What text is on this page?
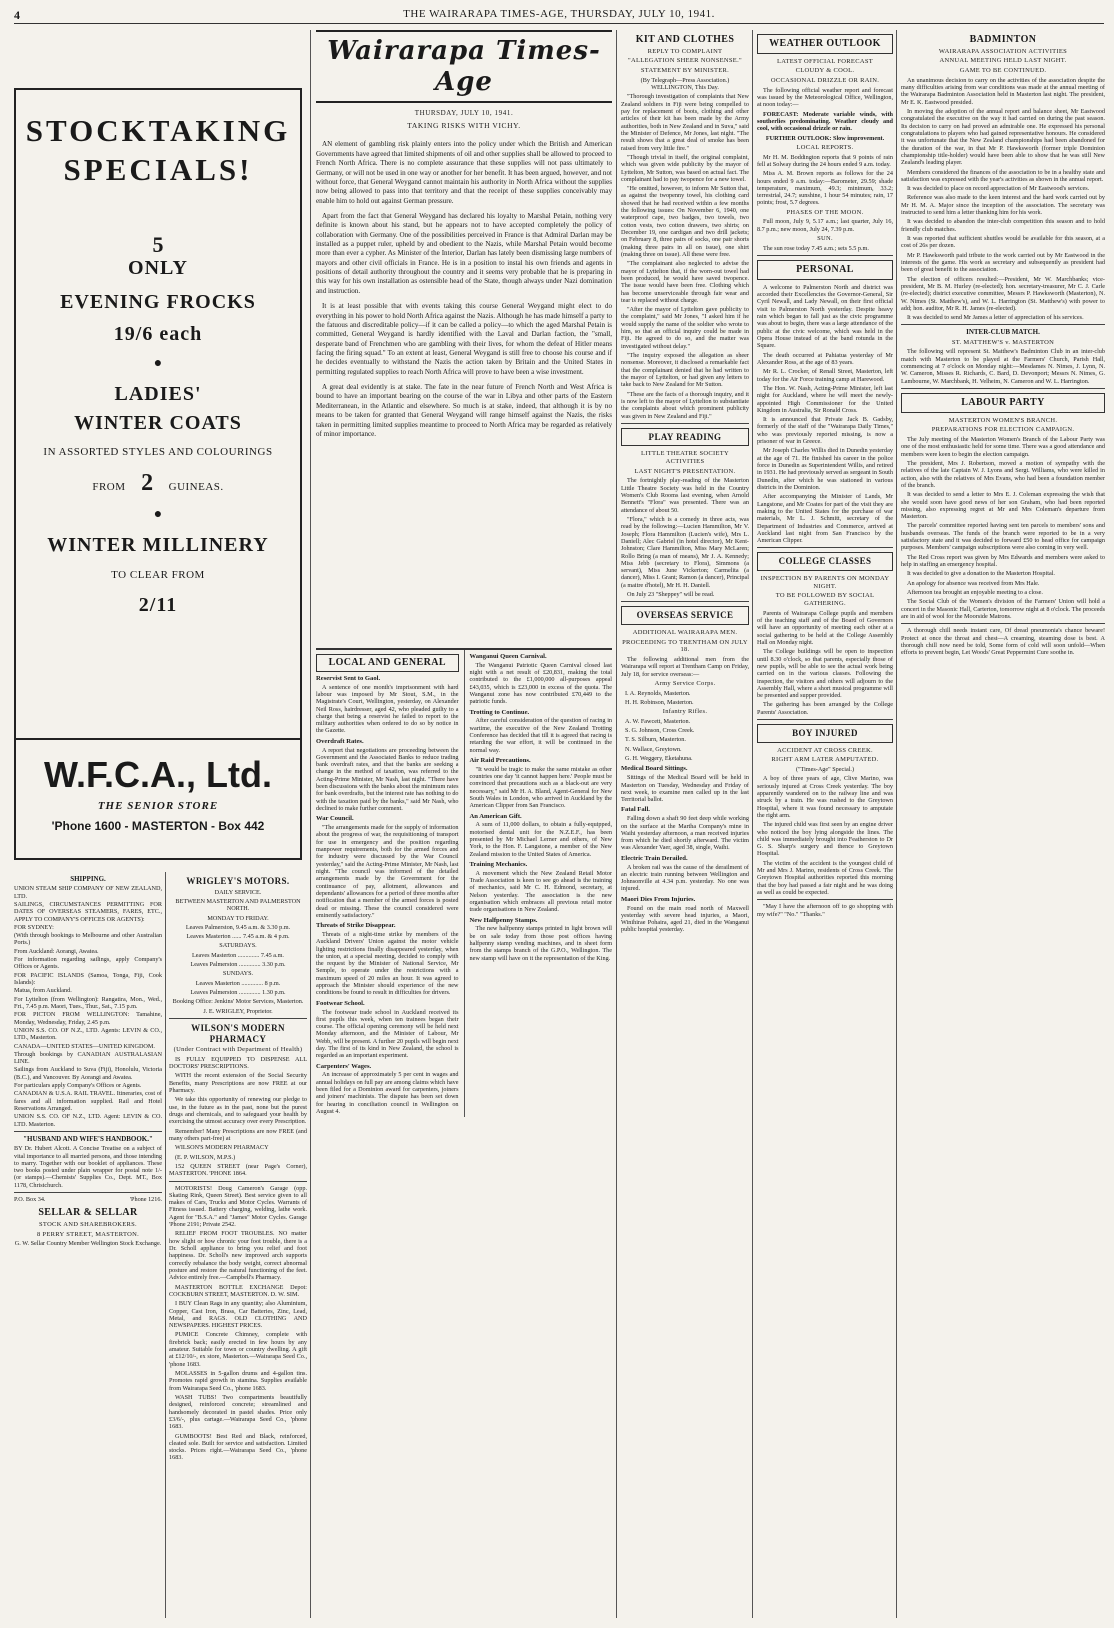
4	THE WAIRARAPA TIMES-AGE, THURSDAY, JULY 10, 1941.
STOCKTAKING SPECIALS!
5
ONLY
EVENING FROCKS
19/6 each
●
LADIES'
WINTER COATS
IN ASSORTED STYLES AND COLOURINGS
FROM 2 GUINEAS.
●
WINTER MILLINERY
TO CLEAR FROM
2/11
W.F.C.A., Ltd.
THE SENIOR STORE
'Phone 1600 - MASTERTON - Box 442
SHIPPING.

UNION STEAM SHIP COMPANY OF NEW ZEALAND, LTD.

SAILINGS, CIRCUMSTANCES PERMITTING FOR DATES OF OVERSEAS STEAMERS, FARES, ETC., APPLY TO COMPANY'S OFFICES OR AGENTS):

FOR SYDNEY:

(With through bookings to Melbourne and other Australian Ports.)

From Auckland: Aorangi, Awatea.

For information regarding sailings, apply Company's Offices or Agents.

FOR PACIFIC ISLANDS (Samoa, Tonga, Fiji, Cook Islands):

Matua, from Auckland.

For Lyttelton (from Wellington): Rangatira, Mon., Wed., Fri., 7.45 p.m. Maori, Tues., Thur., Sat., 7.15 p.m.

FOR PICTON FROM WELLINGTON: Tamahine, Monday, Wednesday, Friday, 2.45 p.m.

UNION S.S. CO. OF N.Z., LTD. Agents: LEVIN & CO., LTD., Masterton.

CANADA—UNITED STATES—UNITED KINGDOM.

Through bookings by CANADIAN AUSTRALASIAN LINE.

Sailings from Auckland to Suva (Fiji), Honolulu, Victoria (B.C.), and Vancouver. By Aorangi and Awatea.

For particulars apply Company's Offices or Agents.

CANADIAN & U.S.A. RAIL TRAVEL. Itineraries, cost of fares and all information supplied. Rail and Hotel Reservations Arranged.

UNION S.S. CO. OF N.Z., LTD. Agent: LEVIN & CO. LTD. Masterton.

"HUSBAND AND WIFE'S HANDBOOK."

BY Dr. Hubert Alcott. A Concise Treatise on a subject of vital importance to all married persons, and those intending to marry. Together with our booklet of appliances. These two books posted under plain wrapper for postal note 1/- (or stamps).—Chemists' Supplies Co., Dept. MT., Box 1178, Christchurch.

P.O. Box 34.	'Phone 1216.
SELLAR & SELLAR
STOCK AND SHAREBROKERS.
8 PERRY STREET, MASTERTON.

G. W. Sellar Country Member Wellington Stock Exchange.

WRIGLEY'S MOTORS.

DAILY SERVICE.

BETWEEN MASTERTON AND PALMERSTON NORTH.

MONDAY TO FRIDAY.

Leaves Palmerston, 9.45 a.m. & 3.30 p.m.

Leaves Masterton ...... 7.45 a.m. & 4 p.m.

SATURDAYS.

Leaves Masterton .............. 7.45 a.m.

Leaves Palmerston .............. 3.30 p.m.

SUNDAYS.

Leaves Masterton .............. 8 p.m.

Leaves Palmerston .............. 1.30 p.m.

Booking Office: Jenkins' Motor Services, Masterton.

J. E. WRIGLEY, Proprietor.

WILSON'S MODERN PHARMACY
(Under Contract with Department of Health)

IS FULLY EQUIPPED TO DISPENSE ALL DOCTORS' PRESCRIPTIONS.

WITH the recent extension of the Social Security Benefits, many Prescriptions are now FREE at our Pharmacy.

We take this opportunity of renewing our pledge to use, in the future as in the past, none but the purest drugs and chemicals, and to safeguard your health by exercising the utmost accuracy over every Prescription.

Remember! Many Prescriptions are now FREE (and many others part-free) at

WILSON'S MODERN PHARMACY

(E. P. WILSON, M.P.S.)

152 QUEEN STREET (near Page's Corner), MASTERTON. 'PHONE 1864.

MOTORISTS! Doug Cameron's Garage (opp. Skating Rink, Queen Street). Best service given to all makes of Cars, Trucks and Motor Cycles. Warrants of Fitness issued. Battery charging, welding, lathe work. Agent for "B.S.A." and "James" Motor Cycles. Garage 'Phone 2191; Private 2542.

RELIEF FROM FOOT TROUBLES. NO matter how slight or how chronic your foot trouble, there is a Dr. Scholl appliance to bring you relief and foot happiness. Dr. Scholl's new improved arch supports correctly rebalance the body weight, correct abnormal posture and restore the natural functioning of the feet. Advice entirely free.—Campbell's Pharmacy.

MASTERTON BOTTLE EXCHANGE Depot: COCKBURN STREET, MASTERTON. D. W. SIM.

I BUY Clean Rags in any quantity; also Aluminium, Copper, Cast Iron, Brass, Car Batteries, Zinc, Lead, Metal, and RAGS. OLD CLOTHING AND NEWSPAPERS. HIGHEST PRICES.

PUMICE Concrete Chimney, complete with firebrick back; easily erected in few hours by any amateur. Suitable for town or country dwelling. A gift at £12/10/-, ex store, Masterton.—Wairarapa Seed Co., 'phone 1683.

MOLASSES in 5-gallon drums and 4-gallon tins. Promotes rapid growth in stamina. Supplies available from Wairarapa Seed Co., 'phone 1683.

WASH TUBS! Two compartments beautifully designed, reinforced concrete; streamlined and handsomely decorated in pastel shades. Price only £3/6/-, plus cartage.—Wairarapa Seed Co., 'phone 1683.

GUMBOOTS! Best Red and Black, reinforced, cleated sole. Built for service and satisfaction. Limited stocks. Prices right.—Wairarapa Seed Co., 'phone 1683.

Wairarapa Times-Age
THURSDAY, JULY 10, 1941.
TAKING RISKS WITH VICHY.

AN element of gambling risk plainly enters into the policy under which the British and American Governments have agreed that limited shipments of oil and other supplies shall be allowed to proceed to French North Africa. There is no complete assurance that these supplies will not pass ultimately to Germany, or will not be used in one way or another for her benefit. It has been argued, however, and not without force, that General Weygand cannot maintain his authority in North Africa without the supplies now being allowed to pass into that territory and that the receipt of these supplies conceivably may enable him to hold out against German pressure.

Apart from the fact that General Weygand has declared his loyalty to Marshal Petain, nothing very definite is known about his stand, but he appears not to have accepted completely the policy of collaboration with Germany. One of the possibilities perceived in France is that Admiral Darlan may be installed as a puppet ruler, upheld by and obedient to the Nazis, while Marshal Petain would become more than ever a cypher. As Minister of the Interior, Darlan has lately been dismissing large numbers of mayors and other civil officials in France. He is in a position to instal his own friends and agents in positions of detail authority throughout the country and it seems very probable that he is preparing in this way for his own installation as ostensible head of the State, though always under Nazi domination and instruction.

It is at least possible that with events taking this course General Weygand might elect to do everything in his power to hold North Africa against the Nazis. Although he has made himself a party to the fatuous and discreditable policy—if it can be called a policy—to which the aged Marshal Petain is committed, General Weygand is hardly identified with the Laval and Darlan faction, the "small, desperate band of Frenchmen who are gambling with their lives, for whom the defeat of Hitler means facing the firing squad." To an extent at least, General Weygand is still free to choose his course and if he decides eventually to withstand the Nazis the action taken by Britain and the United States in permitting regulated supplies to reach North Africa will prove to have been a wise investment.

A great deal evidently is at stake. The fate in the near future of French North and West Africa is bound to have an important bearing on the course of the war in Libya and other parts of the Eastern Mediterranean, in the Atlantic and elsewhere. So much is at stake, indeed, that although it is by no means to be taken for granted that General Weygand will range himself against the Nazis, the risks taken in permitting limited supplies meantime to proceed to North Africa may be regarded as relatively of minor importance.

LOCAL AND GENERAL
Reservist Sent to Gaol.

A sentence of one month's imprisonment with hard labour was imposed by Mr Stout, S.M., in the Magistrate's Court, Wellington, yesterday, on Alexander Neil Ross, hairdresser, aged 42, who pleaded guilty to a charge that being a reservist he failed to report to the military authorities when ordered to do so by notice in the Gazette.

Overdraft Rates.

A report that negotiations are proceeding between the Government and the Associated Banks to reduce trading bank overdraft rates, and that the banks are seeking a change in the method of taxation, was referred to the Acting-Prime Minister, Mr Nash, last night. "There have been discussions with the banks about the minimum rates for bank overdrafts, but the interest rate has nothing to do with the taxation paid by the banks," said Mr Nash, who declined to make further comment.

War Council.

"The arrangements made for the supply of information about the progress of war, the requisitioning of transport for use in emergency and the position regarding manpower requirements, both for the armed forces and for industry were discussed by the War Council yesterday," said the Acting-Prime Minister, Mr Nash, last night. "The council was informed of the detailed arrangements made by the Government for the continuance of pay, allotment, allowances and dependants' allowances for a period of three months after notification that a member of the armed forces is posted dead or missing. These the council considered were eminently satisfactory."

Threats of Strike Disappear.

Threats of a night-time strike by members of the Auckland Drivers' Union against the motor vehicle lighting restrictions finally disappeared yesterday, when the union, at a special meeting, decided to comply with the request by the Minister of National Service, Mr Semple, to operate under the restrictions with a maximum speed of 20 miles an hour. It was agreed to approach the Minister should experience of the new conditions be found to result in difficulties for drivers.

Footwear School.

The footwear trade school in Auckland received its first pupils this week, when ten trainees began their course. The official opening ceremony will be held next Monday afternoon, and the Minister of Labour, Mr Webb, will be present. A further 20 pupils will begin next day. The first of its kind in New Zealand, the school is regarded as an important experiment.

Carpenters' Wages.

An increase of approximately 5 per cent in wages and annual holidays on full pay are among claims which have been filed for a Dominion award for carpenters, joiners and joiners' machinists. The dispute has been set down for hearing in conciliation council in Wellington on August 4.

Wanganui Queen Carnival.

The Wanganui Patriotic Queen Carnival closed last night with a net result of £20,831, making the total contributed to the £1,000,000 all-purposes appeal £43,035, which is £23,000 in excess of the quota. The Wanganui zone has now contributed £70,449 to the patriotic funds.

Trotting to Continue.

After careful consideration of the question of racing in wartime, the executive of the New Zealand Trotting Conference has decided that till it is agreed that racing is retarding the war effort, it will be continued in the normal way.

Air Raid Precautions.

"It would be tragic to make the same mistake as other countries one day 'it cannot happen here.' People must be convinced that precautions such as a black-out are very necessary," said Mr H. A. Bland, Agent-General for New South Wales in London, who arrived in Auckland by the American Clipper from San Francisco.

An American Gift.

A sum of 11,000 dollars, to obtain a fully-equipped, motorised dental unit for the N.Z.E.F., has been presented by Mr Michael Lerner and others, of New York, to the Hon. F. Langstone, a member of the New Zealand mission to the United States of America.

Training Mechanics.

A movement which the New Zealand Retail Motor Trade Association is keen to see go ahead is the training of mechanics, said Mr C. H. Edmond, secretary, at Nelson yesterday. The association is the new organisation which embraces all previous retail motor trade organisations in New Zealand.

New Halfpenny Stamps.

The new halfpenny stamps printed in light brown will be on sale today from those post offices having halfpenny stamp vending machines, and in sheet form from the stamps branch of the G.P.O., Wellington. The new stamp will have on it the representation of the King.

KIT AND CLOTHES
REPLY TO COMPLAINT
"ALLEGATION SHEER NONSENSE."
STATEMENT BY MINISTER.

(By Telegraph—Press Association.) WELLINGTON, This Day.

"Thorough investigation of complaints that New Zealand soldiers in Fiji were being compelled to pay for replacement of boots, clothing and other articles of their kit has been made by the Army authorities, both in New Zealand and in Suva," said the Minister of Defence, Mr Jones, last night. "The result shows that a great deal of smoke has been raised from very little fire."

"Though trivial in itself, the original complaint, which was given wide publicity by the mayor of Lyttelton, Mr Sutton, was based on actual fact. The complainant had to pay twopence for a new towel.

"He omitted, however, to inform Mr Sutton that, as against the twopenny towel, his clothing card showed that he had received within a few months the following issues: On November 6, 1940, one waterproof cape, two badges, two towels, two cotton vests, two cotton drawers, two shirts; on December 19, one cardigan and two drill jackets; on February 8, three pairs of socks, one pair shorts (making three pairs in all on issue), one shirt (making three on issue). All these were free.

"The complainant also neglected to advise the mayor of Lyttelton that, if the worn-out towel had been produced, he would have saved twopence. The issue would have been free. Clothing which has become unserviceable through fair wear and tear is replaced without charge.

"After the mayor of Lyttelton gave publicity to the complaint," said Mr Jones, "I asked him if he would supply the name of the soldier who wrote to him, so that an official inquiry could be made in Fiji. He agreed to do so, and the matter was investigated without delay."

"The inquiry exposed the allegation as sheer nonsense. Moreover, it disclosed a remarkable fact that the complainant denied that he had written to the mayor of Lyttelton, or had given any letters to take back to New Zealand for Mr Sutton.

"These are the facts of a thorough inquiry, and it is now left to the mayor of Lyttelton to substantiate the complaints about which prominent publicity was given in New Zealand and Fiji."

PLAY READING
LITTLE THEATRE SOCIETY ACTIVITIES
LAST NIGHT'S PRESENTATION.

The fortnightly play-reading of the Masterton Little Theatre Society was held in the Country Women's Club Rooms last evening, when Arnold Bennett's "Flora" was presented. There was an attendance of about 50.

"Flora," which is a comedy in three acts, was read by the following:—Lucien Hammilton, Mr V. Joseph; Flora Hammilton (Lucien's wife), Mrs L. Daniell; Alec Gabriel (in hotel director), Mr Kent-Johnston; Clare Hammilton, Miss Mary McLaren; Rollo Bring (a man of means), Mr J. A. Kennedy; Miss Jebb (secretary to Flora), Simmons (a servant), Miss June Vickerton; Carmelita (a dancer), Miss I. Grant; Ramon (a dancer), Principal (a maitre d'hotel), Mr H. H. Daniell.

On July 23 "Sheppey" will be read.

OVERSEAS SERVICE
ADDITIONAL WAIRARAPA MEN.
PROCEEDING TO TRENTHAM ON JULY 18.

The following additional men from the Wairarapa will report at Trentham Camp on Friday, July 18, for service overseas:—

Army Service Corps.

I. A. Reynolds, Masterton.

H. H. Robinson, Masterton.

Infantry Rifles.

A. W. Fawcett, Masterton.

S. G. Johnson, Cross Creek.

T. S. Silburn, Masterton.

N. Wallace, Greytown.

G. H. Weggery, Eketahuna.

Medical Board Sittings.

Sittings of the Medical Board will be held in Masterton on Tuesday, Wednesday and Friday of next week, to examine men called up in the last Territorial ballot.

Fatal Fall.

Falling down a shaft 90 feet deep while working on the surface at the Martha Company's mine in Waihi yesterday afternoon, a man received injuries from which he died shortly afterward. The victim was Alexander Vaer, aged 38, single, Waihi.

Electric Train Derailed.

A broken rail was the cause of the derailment of an electric train running between Wellington and Johnsonville at 4.34 p.m. yesterday. No one was injured.

Maori Dies From Injuries.

Found on the main road north of Maxwell yesterday with severe head injuries, a Maori, Winihirae Pohaira, aged 21, died in the Wanganui public hospital yesterday.

WEATHER OUTLOOK
LATEST OFFICIAL FORECAST
CLOUDY & COOL.
OCCASIONAL DRIZZLE OR RAIN.

The following official weather report and forecast was issued by the Meteorological Office, Wellington, at noon today:—

FORECAST: Moderate variable winds, with southerlies predominating. Weather cloudy and cool, with occasional drizzle or rain.

FURTHER OUTLOOK: Slow improvement.

LOCAL REPORTS.

Mr H. M. Boddington reports that 9 points of rain fell at Solway during the 24 hours ended 9 a.m. today.

Miss A. M. Brown reports as follows for the 24 hours ended 9 a.m. today:—Barometer, 29.59; shade temperature, maximum, 49.3; minimum, 33.2; terrestrial, 24.7; sunshine, 1 hour 54 minutes; rain, 17 points; frost, 5.7 degrees.

PHASES OF THE MOON.

Full moon, July 9, 5.17 a.m.; last quarter, July 16, 8.7 p.m.; new moon, July 24, 7.39 p.m.

SUN.

The sun rose today 7.45 a.m.; sets 5.5 p.m.

PERSONAL

A welcome to Palmerston North and district was accorded their Excellencies the Governor-General, Sir Cyril Newall, and Lady Newall, on their first official visit to Palmerston North yesterday. Despite heavy rain which began to fall just as the civic programme was about to begin, there was a large attendance of the public at the civic welcome, which was held in the Opera House instead of at the band rotunda in the Square.

The death occurred at Pahiatua yesterday of Mr Alexander Ross, at the age of 83 years.

Mr R. L. Crocker, of Renall Street, Masterton, left today for the Air Force training camp at Harewood.

The Hon. W. Nash, Acting-Prime Minister, left last night for Auckland, where he will meet the newly-appointed High Commissioner for the United Kingdom in Australia, Sir Ronald Cross.

It is announced that Private Jack B. Gadsby, formerly of the staff of the "Wairarapa Daily Times," who was previously reported missing, is now a prisoner of war in Greece.

Mr Joseph Charles Willis died in Dunedin yesterday at the age of 71. He finished his career in the police force in Dunedin as Superintendent Willis, and retired in 1931. He had previously served as sergeant in South Dunedin, after which he was stationed in various districts in the Dominion.

After accompanying the Minister of Lands, Mr Langstone, and Mr Coates for part of the visit they are making to the United States for the purchase of war materials, Mr L. J. Schmitt, secretary of the Department of Industries and Commerce, arrived at Auckland last night from San Francisco by the American Clipper.

COLLEGE CLASSES
INSPECTION BY PARENTS ON MONDAY NIGHT.
TO BE FOLLOWED BY SOCIAL GATHERING.

Parents of Wairarapa College pupils and members of the teaching staff and of the Board of Governors will have an opportunity of meeting each other at a social gathering to be held at the College Assembly Hall on Monday night.

The College buildings will be open to inspection until 8.30 o'clock, so that parents, especially those of new pupils, will be able to see the actual work being carried on in the various classes. Following the inspection, the visitors and others will adjourn to the Assembly Hall, where a short musical programme will be presented and supper provided.

The gathering has been arranged by the College Parents' Association.

BOY INJURED
ACCIDENT AT CROSS CREEK.
RIGHT ARM LATER AMPUTATED.

("Times-Age" Special.)

A boy of three years of age, Clive Marino, was seriously injured at Cross Creek yesterday. The boy apparently wandered on to the railway line and was struck by a train. He was rushed to the Greytown Hospital, where it was found necessary to amputate the right arm.

The injured child was first seen by an engine driver who noticed the boy lying alongside the lines. The child was immediately brought into Featherston to Dr G. S. Sharp's surgery and thence to Greytown Hospital.

The victim of the accident is the youngest child of Mr and Mrs J. Marino, residents of Cross Creek. The Greytown Hospital authorities reported this morning that the boy had passed a fair night and he was doing as well as could be expected.

"May I have the afternoon off to go shopping with my wife?" "No." "Thanks."

BADMINTON
WAIRARAPA ASSOCIATION ACTIVITIES
ANNUAL MEETING HELD LAST NIGHT.
GAME TO BE CONTINUED.

An unanimous decision to carry on the activities of the association despite the many difficulties arising from war conditions was made at the annual meeting of the Wairarapa Badminton Association held in Masterton last night. The president, Mr E. K. Eastwood presided.

In moving the adoption of the annual report and balance sheet, Mr Eastwood congratulated the executive on the way it had carried on during the past season. Its decision to carry on had proved an admirable one. He expressed his personal congratulations to players who had gained representative honours. He considered it was unfortunate that the New Zealand championships had been abandoned for the duration of the war, in that Mr P. Hawksworth (former triple Dominion championship title-holder) would have been able to show that he was still New Zealand's leading player.

Members considered the finances of the association to be in a healthy state and satisfaction was expressed with the year's activities as shown in the annual report.

It was decided to place on record appreciation of Mr Eastwood's services.

Reference was also made to the keen interest and the hard work carried out by Mr H. M. A. Major since the inception of the association. The secretary was instructed to send him a letter thanking him for his work.

It was decided to abandon the inter-club competition this season and to hold friendly club matches.

It was reported that sufficient shuttles would be available for this season, at a cost of 26s per dozen.

Mr P. Hawksworth paid tribute to the work carried out by Mr Eastwood in the interests of the game. His work as secretary and subsequently as president had been of great benefit to the association.

The election of officers resulted:—President, Mr W. Marchbanks; vice-president, Mr B. M. Hurley (re-elected); hon. secretary-treasurer, Mr C. J. Carle (re-elected); district executive committee, Messrs P. Hawksworth (Masterton), N. W. Nimes (St. Matthew's), and W. L. Harrington (St. Matthew's) with power to add; hon. auditor, Mr R. H. James (re-elected).

It was decided to send Mr James a letter of appreciation of his services.

INTER-CLUB MATCH.
ST. MATTHEW'S v. MASTERTON

The following will represent St. Matthew's Badminton Club in an inter-club match with Masterton to be played at the Farmers' Church, Parish Hall, commencing at 7 o'clock on Monday night:—Mesdames N. Nimes, J. Lynn, N. W. Cameron, Misses R. Richards, C. Bard, D. Devonport; Messrs N. Nimes, G. Lambourne, W. Marchbank, H. Velheim, N. Cameron and W. L. Harrington.

LABOUR PARTY
MASTERTON WOMEN'S BRANCH.
PREPARATIONS FOR ELECTION CAMPAIGN.

The July meeting of the Masterton Women's Branch of the Labour Party was one of the most enthusiastic held for some time. There was a good attendance and members were keen to begin the election campaign.

The president, Mrs J. Robertson, moved a motion of sympathy with the relatives of the late Captain W. J. Lyons and Sergt. Williams, who were killed in action, also with the relatives of Mrs Evans, who had been a foundation member of the branch.

It was decided to send a letter to Mrs E. J. Coleman expressing the wish that she would soon have good news of her son Graham, who had been reported missing, also expressing regret at Mr and Mrs Coleman's departure from Masterton.

The parcels' committee reported having sent ten parcels to members' sons and husbands overseas. The funds of the branch were reported to be in a very satisfactory state and it was decided to forward £50 to head office for campaign purposes. Members' campaign subscriptions were also coming in very well.

The Red Cross report was given by Mrs Edwards and members were asked to help in staffing an emergency hospital.

It was decided to give a donation to the Masterton Hospital.

An apology for absence was received from Mrs Hale.

Afternoon tea brought an enjoyable meeting to a close.

The Social Club of the Women's division of the Farmers' Union will hold a concert in the Masonic Hall, Carterton, tomorrow night at 8 o'clock. The proceeds are in aid of wool for the Moorside Matrons.

A thorough chill needs instant care, Of dread pneumonia's chance beware! Protect at once the throat and chest—A creaming, steaming dose is best. A thorough chill now need be told, Some form of cold will soon unfold—When efforts to prevent begin, Let Woods' Great Peppermint Cure soothe in.
